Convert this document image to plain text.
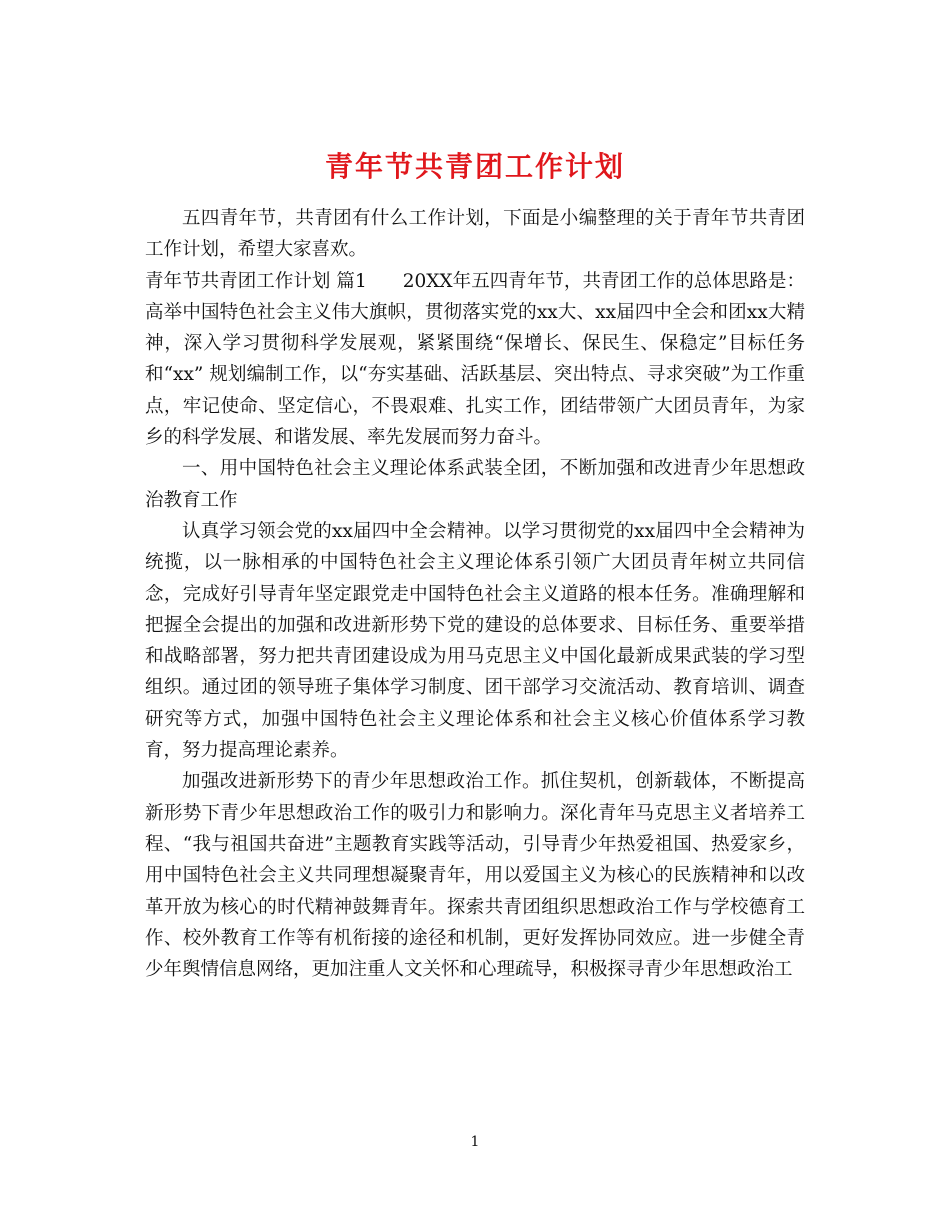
青年节共青团工作计划

五四青年节，共青团有什么工作计划，下面是小编整理的关于青年节共青团工作计划，希望大家喜欢。

青年节共青团工作计划 篇1 20XX年五四青年节，共青团工作的总体思路是：高举中国特色社会主义伟大旗帜，贯彻落实党的xx大、xx届四中全会和团xx大精神，深入学习贯彻科学发展观，紧紧围绕“保增长、保民生、保稳定”目标任务和“xx” 规划编制工作，以“夯实基础、活跃基层、突出特点、寻求突破”为工作重点，牢记使命、坚定信心，不畏艰难、扎实工作，团结带领广大团员青年，为家乡的科学发展、和谐发展、率先发展而努力奋斗。

一、用中国特色社会主义理论体系武装全团，不断加强和改进青少年思想政治教育工作

认真学习领会党的xx届四中全会精神。以学习贯彻党的xx届四中全会精神为统揽，以一脉相承的中国特色社会主义理论体系引领广大团员青年树立共同信念，完成好引导青年坚定跟党走中国特色社会主义道路的根本任务。准确理解和把握全会提出的加强和改进新形势下党的建设的总体要求、目标任务、重要举措和战略部署，努力把共青团建设成为用马克思主义中国化最新成果武装的学习型组织。通过团的领导班子集体学习制度、团干部学习交流活动、教育培训、调查研究等方式，加强中国特色社会主义理论体系和社会主义核心价值体系学习教育，努力提高理论素养。

加强改进新形势下的青少年思想政治工作。抓住契机，创新载体，不断提高新形势下青少年思想政治工作的吸引力和影响力。深化青年马克思主义者培养工程、“我与祖国共奋进”主题教育实践等活动，引导青少年热爱祖国、热爱家乡，用中国特色社会主义共同理想凝聚青年，用以爱国主义为核心的民族精神和以改革开放为核心的时代精神鼓舞青年。探索共青团组织思想政治工作与学校德育工作、校外教育工作等有机衔接的途径和机制，更好发挥协同效应。进一步健全青少年舆情信息网络，更加注重人文关怀和心理疏导，积极探寻青少年思想政治工

1
